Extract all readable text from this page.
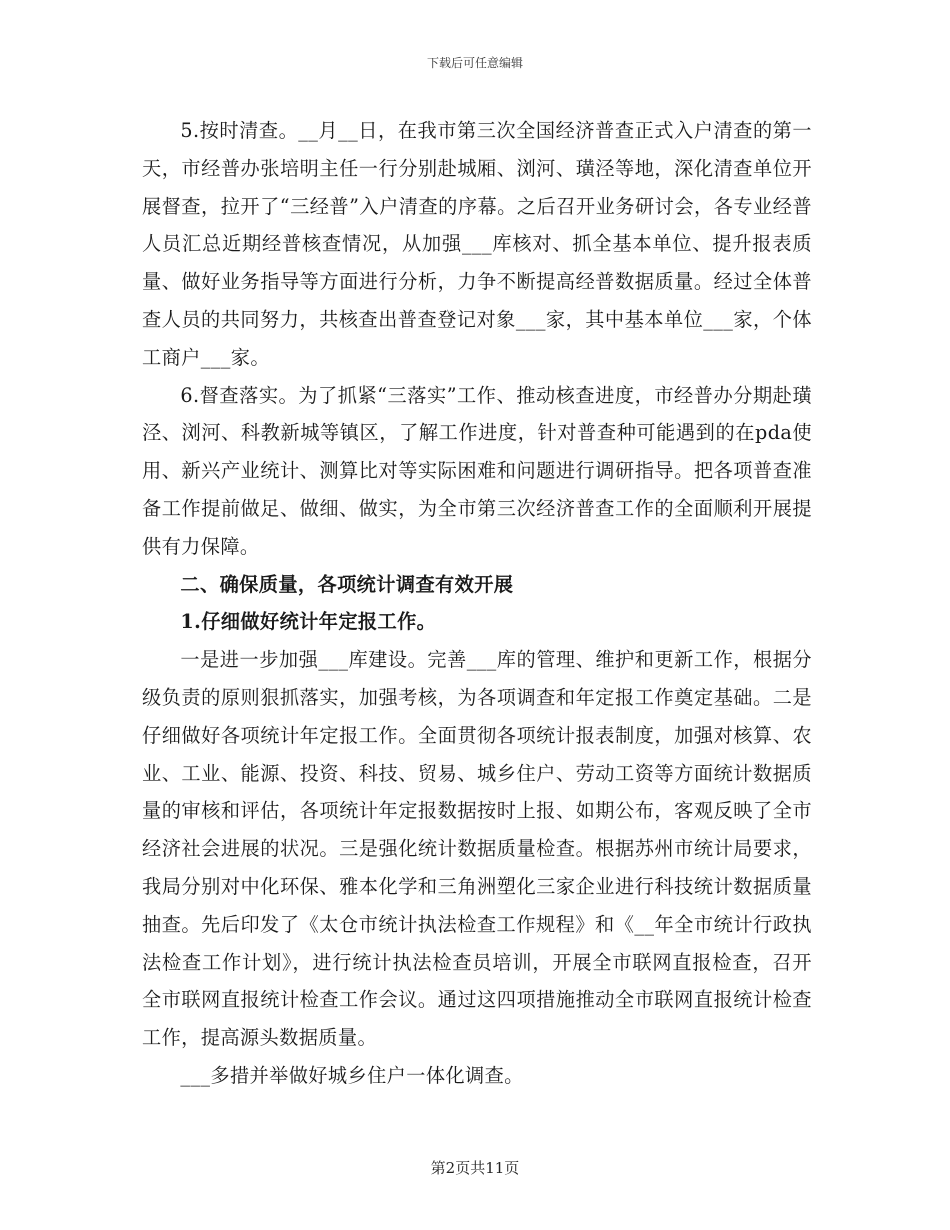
下载后可任意编辑

5.按时清查。__月__日，在我市第三次全国经济普查正式入户清查的第一天，市经普办张培明主任一行分别赴城厢、浏河、璜泾等地，深化清查单位开展督查，拉开了“三经普”入户清查的序幕。之后召开业务研讨会，各专业经普人员汇总近期经普核查情况，从加强___库核对、抓全基本单位、提升报表质量、做好业务指导等方面进行分析，力争不断提高经普数据质量。经过全体普查人员的共同努力，共核查出普查登记对象___家，其中基本单位___家，个体工商户___家。

6.督查落实。为了抓紧“三落实”工作、推动核查进度，市经普办分期赴璜泾、浏河、科教新城等镇区，了解工作进度，针对普查种可能遇到的在pda使用、新兴产业统计、测算比对等实际困难和问题进行调研指导。把各项普查准备工作提前做足、做细、做实，为全市第三次经济普查工作的全面顺利开展提供有力保障。

二、确保质量，各项统计调查有效开展

1.仔细做好统计年定报工作。

一是进一步加强___库建设。完善___库的管理、维护和更新工作，根据分级负责的原则狠抓落实，加强考核，为各项调查和年定报工作奠定基础。二是仔细做好各项统计年定报工作。全面贯彻各项统计报表制度，加强对核算、农业、工业、能源、投资、科技、贸易、城乡住户、劳动工资等方面统计数据质量的审核和评估，各项统计年定报数据按时上报、如期公布，客观反映了全市经济社会进展的状况。三是强化统计数据质量检查。根据苏州市统计局要求，我局分别对中化环保、雅本化学和三角洲塑化三家企业进行科技统计数据质量抽查。先后印发了《太仓市统计执法检查工作规程》和《__年全市统计行政执法检查工作计划》，进行统计执法检查员培训，开展全市联网直报检查，召开全市联网直报统计检查工作会议。通过这四项措施推动全市联网直报统计检查工作，提高源头数据质量。

___多措并举做好城乡住户一体化调查。

第2页共11页
